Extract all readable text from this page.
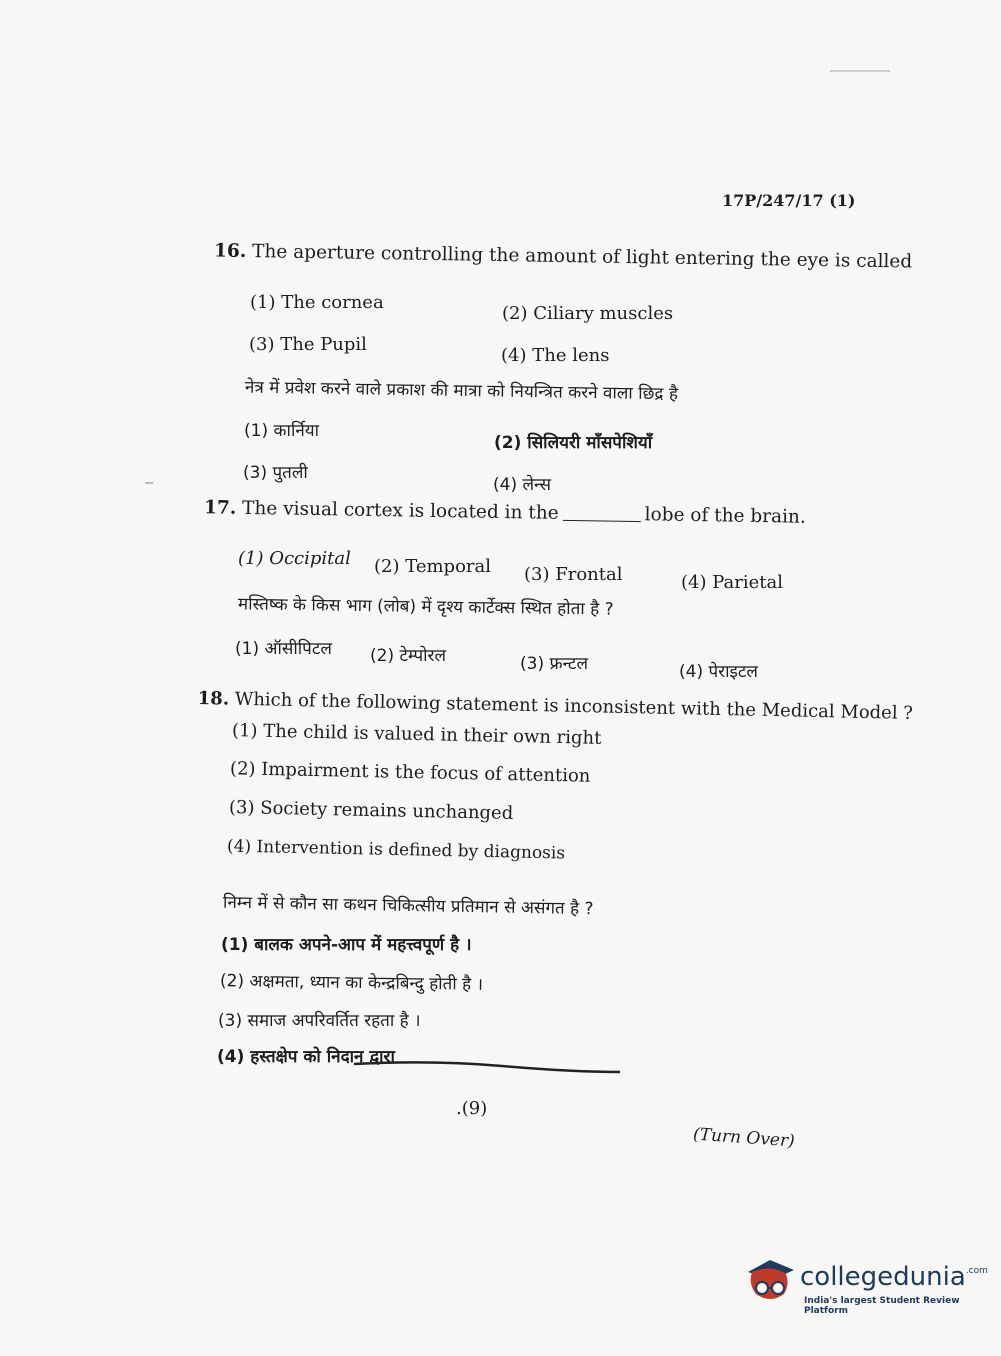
17P/247/17 (1)
16. The aperture controlling the amount of light entering the eye is called
(1) The cornea
(2) Ciliary muscles
(3) The Pupil
(4) The lens
नेत्र में प्रवेश करने वाले प्रकाश की मात्रा को नियन्त्रित करने वाला छिद्र है
(1) कार्निया
(2) सिलियरी माँसपेशियाँ
(3) पुतली
(4) लेन्स
17. The visual cortex is located in the	lobe of the brain.
(1) Occipital (2) Temporal (3) Frontal	(4) Parietal
मस्तिष्क के किस भाग (लोब) में दृश्य कार्टेक्स स्थित होता है ?
(1) ऑसीपिटल (2) टेम्पोरल	(3) फ्रन्टल	(4) पेराइटल
18. Which of the following statement is inconsistent with the Medical Model ?
(1) The child is valued in their own right
(2) Impairment is the focus of attention
(3) Society remains unchanged
(4) Intervention is defined by diagnosis
निम्न में से कौन सा कथन चिकित्सीय प्रतिमान से असंगत है ?
(1) बालक अपने-आप में महत्त्वपूर्ण है ।
(2) अक्षमता, ध्यान का केन्द्रबिन्दु होती है ।
(3) समाज अपरिवर्तित रहता है ।
(4) हस्तक्षेप को निदान द्वारा
.(9)
(Turn Over)
collegedunia$^{.com}$
India's largest Student Review Platform
